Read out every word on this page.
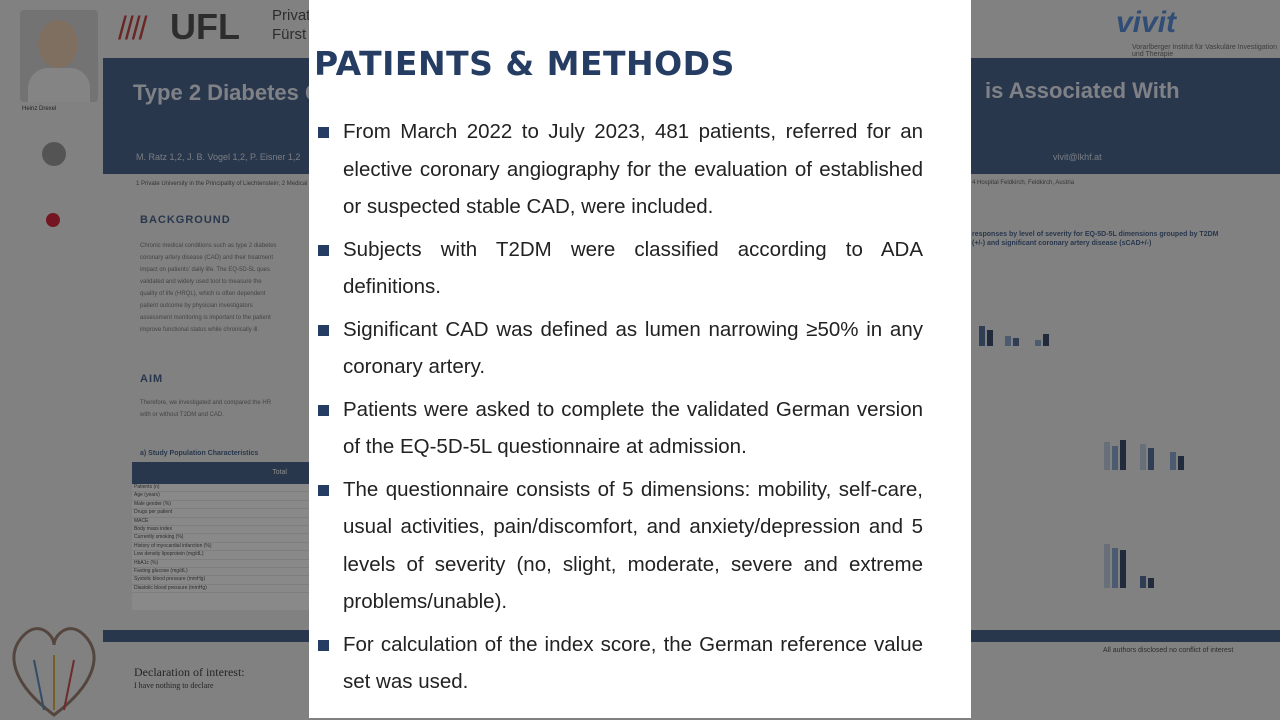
PATIENTS & METHODS
From March 2022 to July 2023, 481 patients, referred for an elective coronary angiography for the evaluation of established or suspected stable CAD, were included.
Subjects with T2DM were classified according to ADA definitions.
Significant CAD was defined as lumen narrowing ≥50% in any coronary artery.
Patients were asked to complete the validated German version of the EQ-5D-5L questionnaire at admission.
The questionnaire consists of 5 dimensions: mobility, self-care, usual activities, pain/discomfort, and anxiety/depression and 5 levels of severity (no, slight, moderate, severe and extreme problems/unable).
For calculation of the index score, the German reference value set was used.
